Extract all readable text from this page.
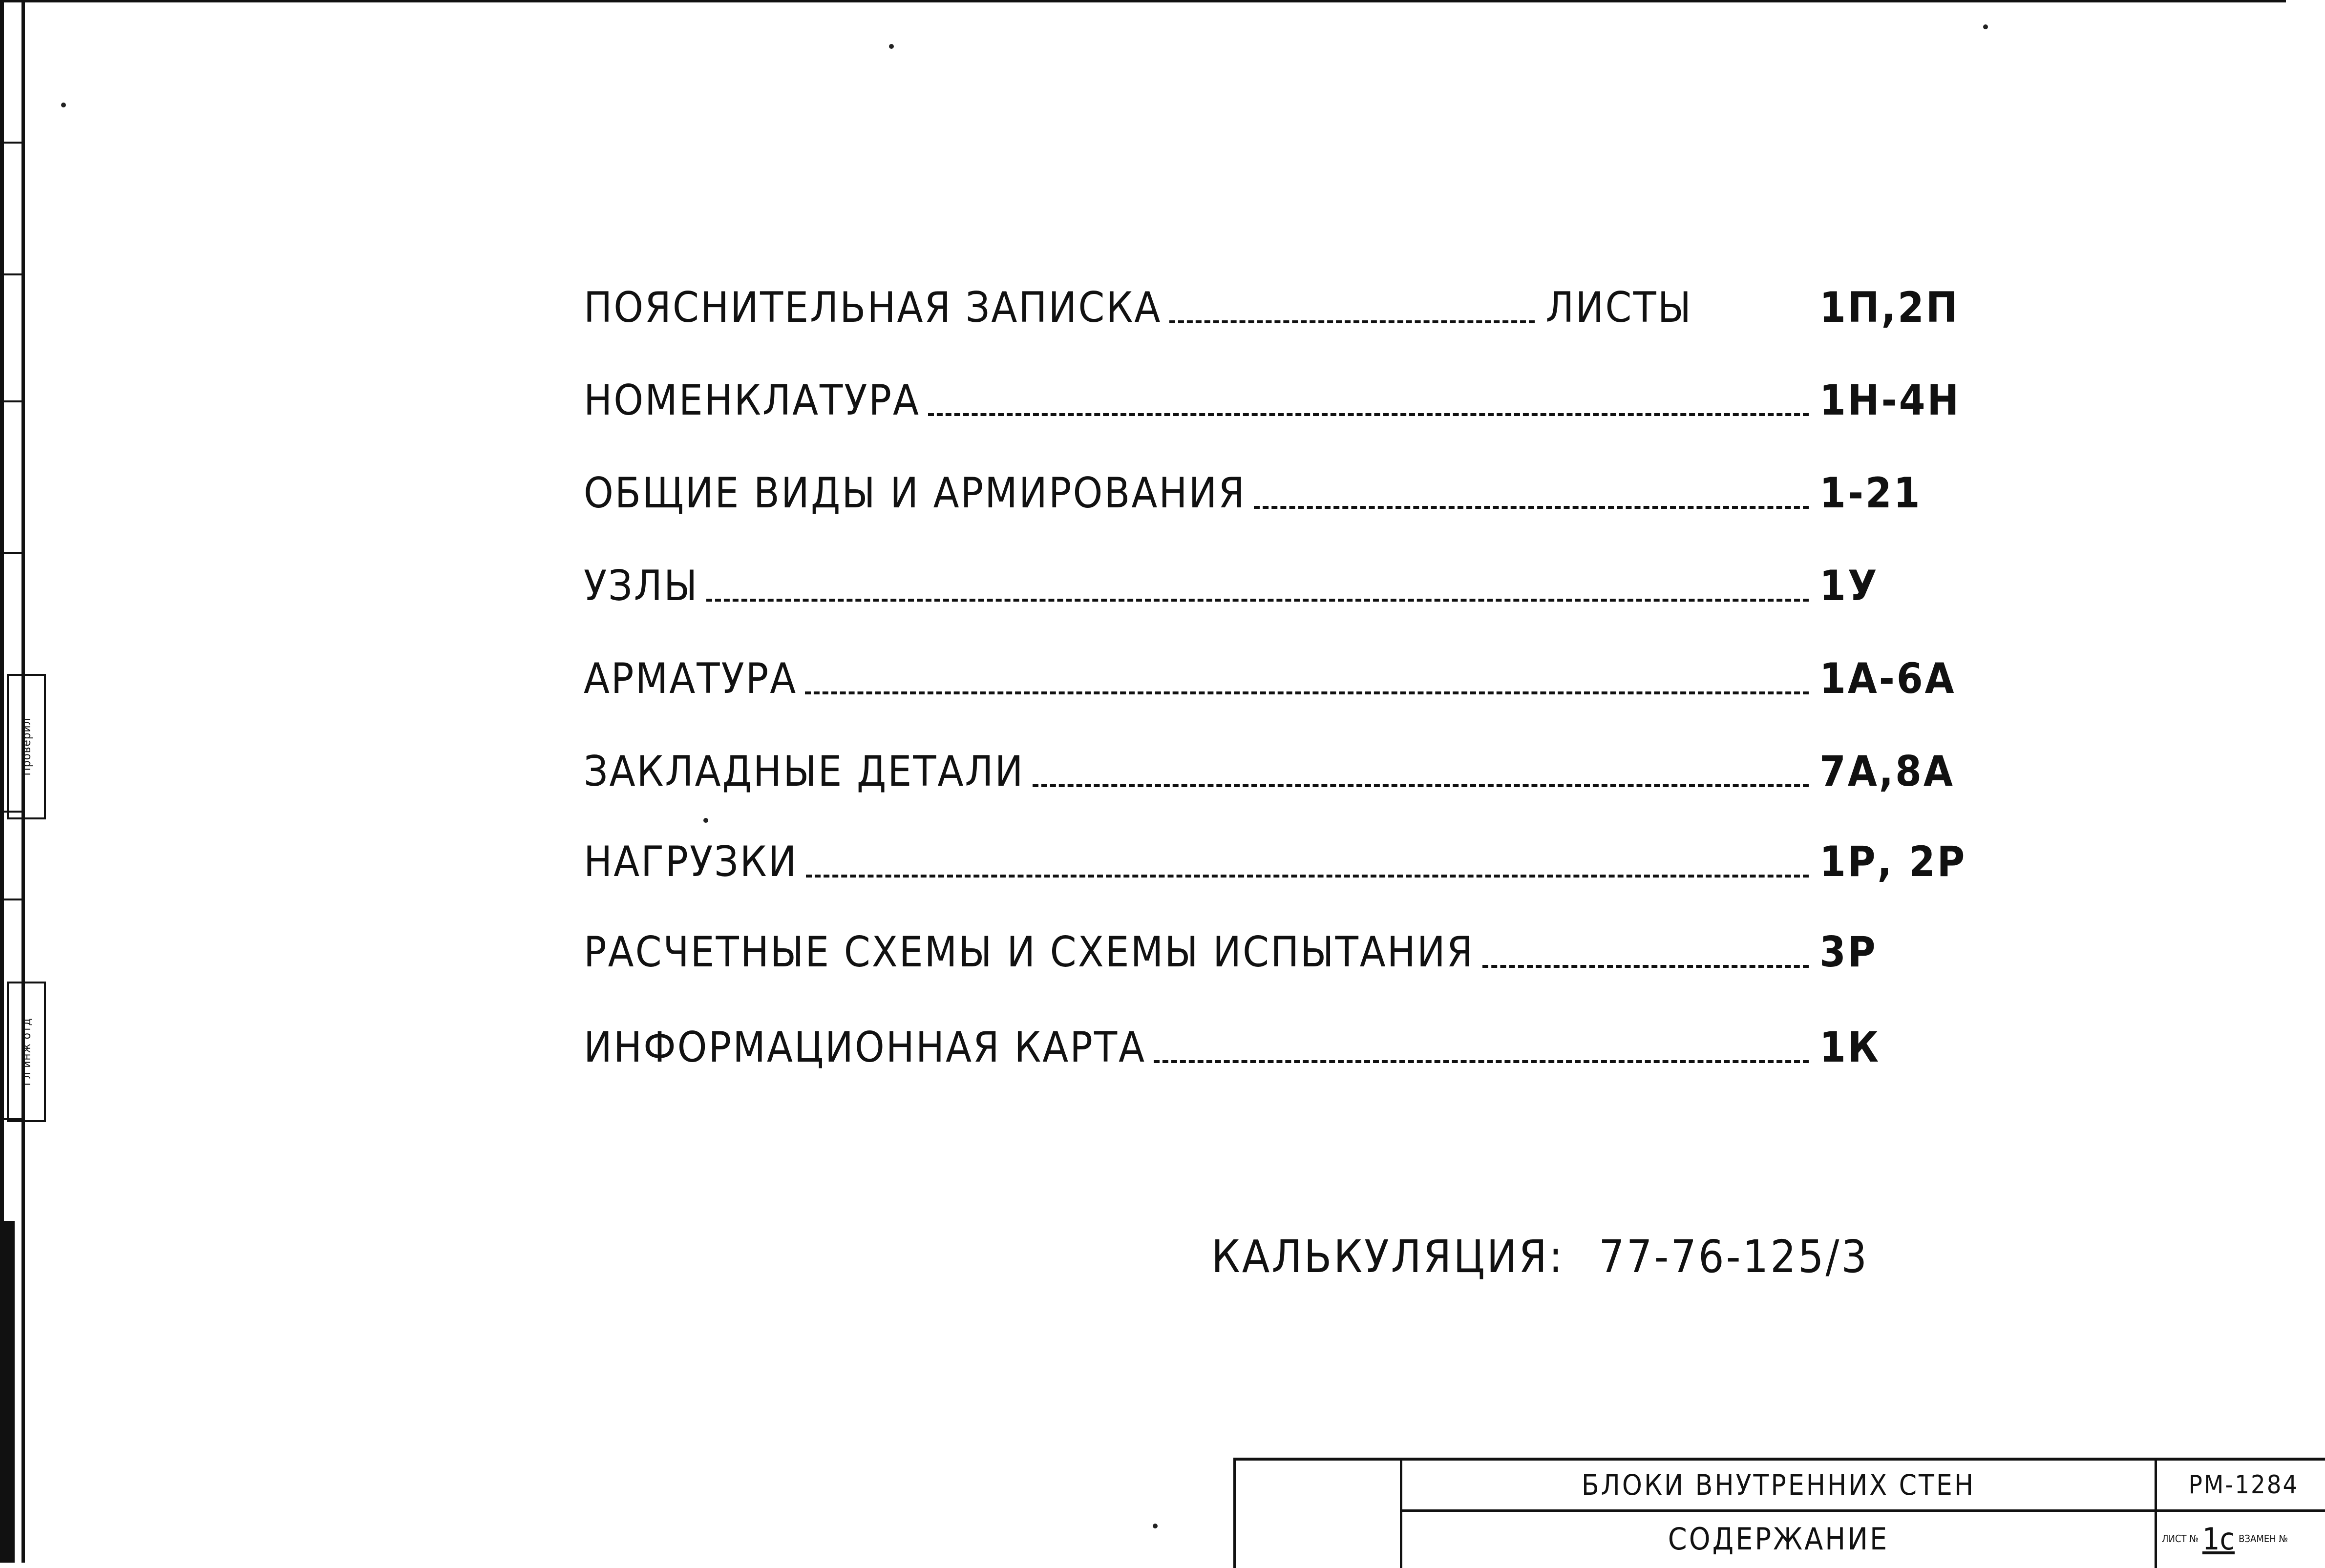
Проверил
Гл инж отд
ПОЯСНИТЕЛЬНАЯ ЗАПИСКА	ЛИСТЫ	1П,2П
НОМЕНКЛАТУРА	1Н-4Н
ОБЩИЕ ВИДЫ И АРМИРОВАНИЯ	1-21
УЗЛЫ	1У
АРМАТУРА	1А-6А
ЗАКЛАДНЫЕ ДЕТАЛИ	7А,8А
НАГРУЗКИ	1Р, 2Р
РАСЧЕТНЫЕ СХЕМЫ И СХЕМЫ ИСПЫТАНИЯ	3Р
ИНФОРМАЦИОННАЯ КАРТА	1К
КАЛЬКУЛЯЦИЯ: 77-76-125/3
БЛОКИ ВНУТРЕННИХ СТЕН
СОДЕРЖАНИЕ
РМ-1284
ЛИСТ № 1с ВЗАМЕН №
